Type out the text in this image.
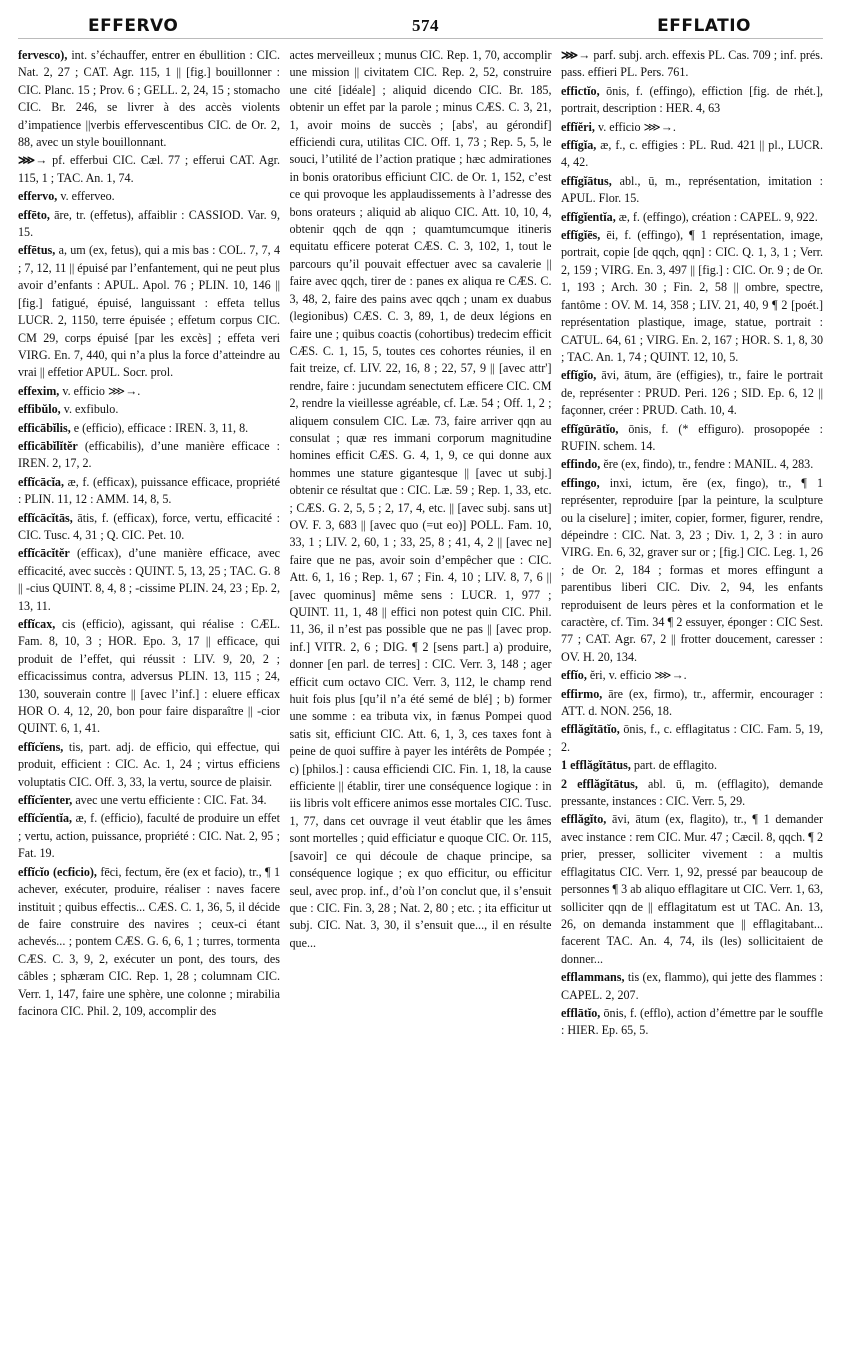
EFFERVO	574	EFFLATIO
fervesco), int. s’échauffer, entrer en ébullition : CIC. Nat. 2, 27 ; CAT. Agr. 115, 1 || [fig.] bouillonner : CIC. Planc. 15 ; Prov. 6 ; GELL. 2, 24, 15 ; stomacho CIC. Br. 246, se livrer à des accès violents d’impatience ||verbis effervescentibus CIC. de Or. 2, 88, avec un style bouillonnant.
⋙→ pf. efferbui CIC. Cæl. 77 ; efferui CAT. Agr. 115, 1 ; TAC. An. 1, 74.
effervo, v. efferveo.
effēto, āre, tr. (effetus), affaiblir : CASSIOD. Var. 9, 15.
effētus, a, um (ex, fetus), qui a mis bas : COL. 7, 7, 4 ; 7, 12, 11 || épuisé par l’enfantement, qui ne peut plus avoir d’enfants : APUL. Apol. 76 ; PLIN. 10, 146 || [fig.] fatigué, épuisé, languissant : effeta tellus LUCR. 2, 1150, terre épuisée ; effetum corpus CIC. CM 29, corps épuisé [par les excès] ; effeta veri VIRG. En. 7, 440, qui n’a plus la force d’atteindre au vrai || effetior APUL. Socr. prol.
effexim, v. efficio ⋙→.
effibŭlo, v. exfibulo.
efficābĭlis, e (efficio), efficace : IREN. 3, 11, 8.
efficābĭlĭtĕr (efficabilis), d’une manière efficace : IREN. 2, 17, 2.
effĭcācĭa, æ, f. (efficax), puissance efficace, propriété : PLIN. 11, 12 : AMM. 14, 8, 5.
effĭcācĭtās, ātis, f. (efficax), force, vertu, efficacité : CIC. Tusc. 4, 31 ; Q. CIC. Pet. 10.
effĭcācĭtĕr (efficax), d’une manière efficace, avec efficacité, avec succès : QUINT. 5, 13, 25 ; TAC. G. 8 || -cius QUINT. 8, 4, 8 ; -cissime PLIN. 24, 23 ; Ep. 2, 13, 11.
effĭcax, cis (efficio), agissant, qui réalise : CÆL. Fam. 8, 10, 3 ; HOR. Epo. 3, 17 || efficace, qui produit de l’effet, qui réussit : LIV. 9, 20, 2 ; efficacissimus contra, adversus PLIN. 13, 115 ; 24, 130, souverain contre || [avec l’inf.] : eluere efficax HOR O. 4, 12, 20, bon pour faire disparaître || -cior QUINT. 6, 1, 41.
effĭcĭens, tis, part. adj. de efficio, qui effectue, qui produit, efficient : CIC. Ac. 1, 24 ; virtus efficiens voluptatis CIC. Off. 3, 33, la vertu, source de plaisir.
effĭcĭenter, avec une vertu efficiente : CIC. Fat. 34.
effĭcĭentĭa, æ, f. (efficio), faculté de produire un effet ; vertu, action, puissance, propriété : CIC. Nat. 2, 95 ; Fat. 19.
effĭcĭo (ecficio), fēci, fectum, ĕre (ex et facio), tr., ¶ 1 achever, exécuter, produire, réaliser : naves facere instituit ; quibus effectis... CÆS. C. 1, 36, 5, il décide de faire construire des navires ; ceux-ci étant achevés... ; pontem CÆS. G. 6, 6, 1 ; turres, tormenta CÆS. C. 3, 9, 2, exécuter un pont, des tours, des câbles ; sphæram CIC. Rep. 1, 28 ; columnam CIC. Verr. 1, 147, faire une sphère, une colonne ; mirabilia facinora CIC. Phil. 2, 109, accomplir des
actes merveilleux ; munus CIC. Rep. 1, 70, accomplir une mission || civitatem CIC. Rep. 2, 52, construire une cité [idéale] ; aliquid dicendo CIC. Br. 185, obtenir un effet par la parole ; minus CÆS. C. 3, 21, 1, avoir moins de succès ; [abs', au gérondif] efficiendi cura, utilitas CIC. Off. 1, 73 ; Rep. 5, 5, le souci, l’utilité de l’action pratique ; hæc admirationes in bonis oratoribus efficiunt CIC. de Or. 1, 152, c’est ce qui provoque les applaudissements à l’adresse des bons orateurs ; aliquid ab aliquo CIC. Att. 10, 10, 4, obtenir qqch de qqn ; quamtumcumque itineris equitatu efficere poterat CÆS. C. 3, 102, 1, tout le parcours qu’il pouvait effectuer avec sa cavalerie || faire avec qqch, tirer de : panes ex aliqua re CÆS. C. 3, 48, 2, faire des pains avec qqch ; unam ex duabus (legionibus) CÆS. C. 3, 89, 1, de deux légions en faire une ; quibus coactis (cohortibus) tredecim efficit CÆS. C. 1, 15, 5, toutes ces cohortes réunies, il en fait treize, cf. LIV. 22, 16, 8 ; 22, 57, 9 || [avec attr'] rendre, faire : jucundam senectutem efficere CIC. CM 2, rendre la vieillesse agréable, cf. Læ. 54 ; Off. 1, 2 ; aliquem consulem CIC. Læ. 73, faire arriver qqn au consulat ; quæ res immani corporum magnitudine homines efficit CÆS. G. 4, 1, 9, ce qui donne aux hommes une stature gigantesque || [avec ut subj.] obtenir ce résultat que : CIC. Læ. 59 ; Rep. 1, 33, etc. ; CÆS. G. 2, 5, 5 ; 2, 17, 4, etc. || [avec subj. sans ut] OV. F. 3, 683 || [avec quo (=ut eo)] POLL. Fam. 10, 33, 1 ; LIV. 2, 60, 1 ; 33, 25, 8 ; 41, 4, 2 || [avec ne] faire que ne pas, avoir soin d’empêcher que : CIC. Att. 6, 1, 16 ; Rep. 1, 67 ; Fin. 4, 10 ; LIV. 8, 7, 6 || [avec quominus] même sens : LUCR. 1, 977 ; QUINT. 11, 1, 48 || effici non potest quin CIC. Phil. 11, 36, il n’est pas possible que ne pas || [avec prop. inf.] VITR. 2, 6 ; DIG. ¶ 2 [sens part.] a) produire, donner [en parl. de terres] : CIC. Verr. 3, 148 ; ager efficit cum octavo CIC. Verr. 3, 112, le champ rend huit fois plus [qu’il n’a été semé de blé] ; b) former une somme : ea tributa vix, in fænus Pompei quod satis sit, efficiunt CIC. Att. 6, 1, 3, ces taxes font à peine de quoi suffire à payer les intérêts de Pompée ; c) [philos.] : causa efficiendi CIC. Fin. 1, 18, la cause efficiente || établir, tirer une conséquence logique : in iis libris volt efficere animos esse mortales CIC. Tusc. 1, 77, dans cet ouvrage il veut établir que les âmes sont mortelles ; quid efficiatur e quoque CIC. Or. 115, [savoir] ce qui découle de chaque principe, sa conséquence logique ; ex quo efficitur, ou efficitur seul, avec prop. inf., d’où l’on conclut que, il s’ensuit que : CIC. Fin. 3, 28 ; Nat. 2, 80 ; etc. ; ita efficitur ut subj. CIC. Nat. 3, 30, il s’ensuit que..., il en résulte que...
⋙→ parf. subj. arch. effexis PL. Cas. 709 ; inf. prés. pass. effieri PL. Pers. 761.
effictĭo, ōnis, f. (effingo), effiction [fig. de rhét.], portrait, description : HER. 4, 63
effĭĕri, v. efficio ⋙→.
effĭgĭa, æ, f., c. effigies : PL. Rud. 421 || pl., LUCR. 4, 42.
effĭgĭātus, abl., ū, m., représentation, imitation : APUL. Flor. 15.
effĭgĭentĭa, æ, f. (effingo), création : CAPEL. 9, 922.
effĭgĭēs, ēi, f. (effingo), ¶ 1 représentation, image, portrait, copie [de qqch, qqn] : CIC. Q. 1, 3, 1 ; Verr. 2, 159 ; VIRG. En. 3, 497 || [fig.] : CIC. Or. 9 ; de Or. 1, 193 ; Arch. 30 ; Fin. 2, 58 || ombre, spectre, fantôme : OV. M. 14, 358 ; LIV. 21, 40, 9 ¶ 2 [poét.] représentation plastique, image, statue, portrait : CATUL. 64, 61 ; VIRG. En. 2, 167 ; HOR. S. 1, 8, 30 ; TAC. An. 1, 74 ; QUINT. 12, 10, 5.
effĭgĭo, āvi, ātum, āre (effigies), tr., faire le portrait de, représenter : PRUD. Peri. 126 ; SID. Ep. 6, 12 || façonner, créer : PRUD. Cath. 10, 4.
effĭgūrātĭo, ōnis, f. (* effiguro). prosopopée : RUFIN. schem. 14.
effindo, ĕre (ex, findo), tr., fendre : MANIL. 4, 283.
effingo, inxi, ictum, ĕre (ex, fingo), tr., ¶ 1 représenter, reproduire [par la peinture, la sculpture ou la ciselure] ; imiter, copier, former, figurer, rendre, dépeindre : CIC. Nat. 3, 23 ; Div. 1, 2, 3 : in auro VIRG. En. 6, 32, graver sur or ; [fig.] CIC. Leg. 1, 26 ; de Or. 2, 184 ; formas et mores effingunt a parentibus liberi CIC. Div. 2, 94, les enfants reproduisent de leurs pères et la conformation et le caractère, cf. Tim. 34 ¶ 2 essuyer, éponger : CIC Sest. 77 ; CAT. Agr. 67, 2 || frotter doucement, caresser : OV. H. 20, 134.
effĭo, ĕri, v. efficio ⋙→.
effirmo, āre (ex, firmo), tr., affermir, encourager : ATT. d. NON. 256, 18.
efflăgĭtātĭo, ōnis, f., c. efflagitatus : CIC. Fam. 5, 19, 2.
1 efflăgĭtātus, part. de efflagito.
2 efflăgĭtātus, abl. ū, m. (efflagito), demande pressante, instances : CIC. Verr. 5, 29.
efflăgĭto, āvi, ātum (ex, flagito), tr., ¶ 1 demander avec instance : rem CIC. Mur. 47 ; Cæcil. 8, qqch. ¶ 2 prier, presser, solliciter vivement : a multis efflagitatus CIC. Verr. 1, 92, pressé par beaucoup de personnes ¶ 3 ab aliquo efflagitare ut CIC. Verr. 1, 63, solliciter qqn de || efflagitatum est ut TAC. An. 13, 26, on demanda instamment que || efflagitabant... facerent TAC. An. 4, 74, ils (les) sollicitaient de donner...
efflammans, tis (ex, flammo), qui jette des flammes : CAPEL. 2, 207.
efflātĭo, ōnis, f. (efflo), action d’émettre par le souffle : HIER. Ep. 65, 5.
